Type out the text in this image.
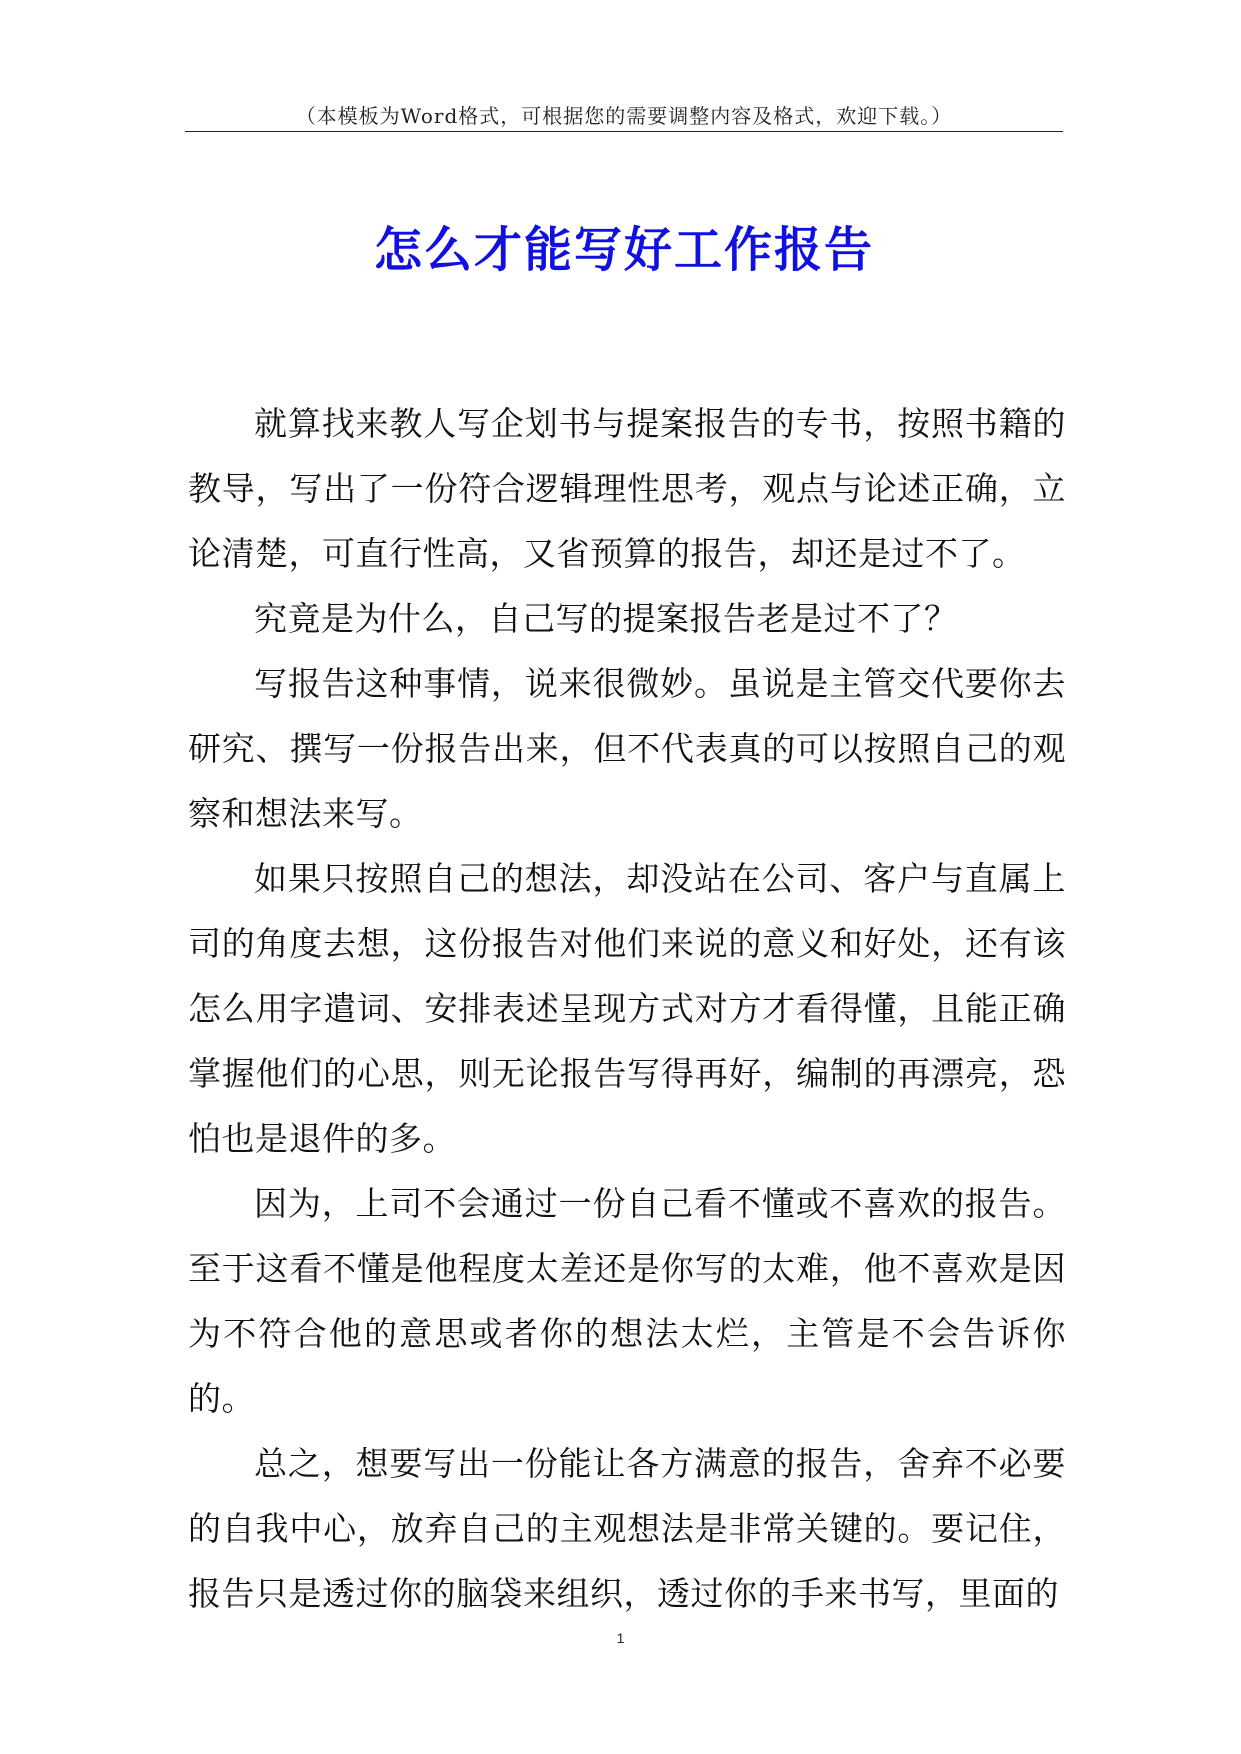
（本模板为Word格式，可根据您的需要调整内容及格式，欢迎下载。）
怎么才能写好工作报告

就算找来教人写企划书与提案报告的专书，按照书籍的教导，写出了一份符合逻辑理性思考，观点与论述正确，立论清楚，可直行性高，又省预算的报告，却还是过不了。

究竟是为什么，自己写的提案报告老是过不了？

写报告这种事情，说来很微妙。虽说是主管交代要你去研究、撰写一份报告出来，但不代表真的可以按照自己的观察和想法来写。

如果只按照自己的想法，却没站在公司、客户与直属上司的角度去想，这份报告对他们来说的意义和好处，还有该怎么用字遣词、安排表述呈现方式对方才看得懂，且能正确掌握他们的心思，则无论报告写得再好，编制的再漂亮，恐怕也是退件的多。

因为，上司不会通过一份自己看不懂或不喜欢的报告。至于这看不懂是他程度太差还是你写的太难，他不喜欢是因为不符合他的意思或者你的想法太烂，主管是不会告诉你的。

总之，想要写出一份能让各方满意的报告，舍弃不必要的自我中心，放弃自己的主观想法是非常关键的。要记住，报告只是透过你的脑袋来组织，透过你的手来书写，里面的

1
